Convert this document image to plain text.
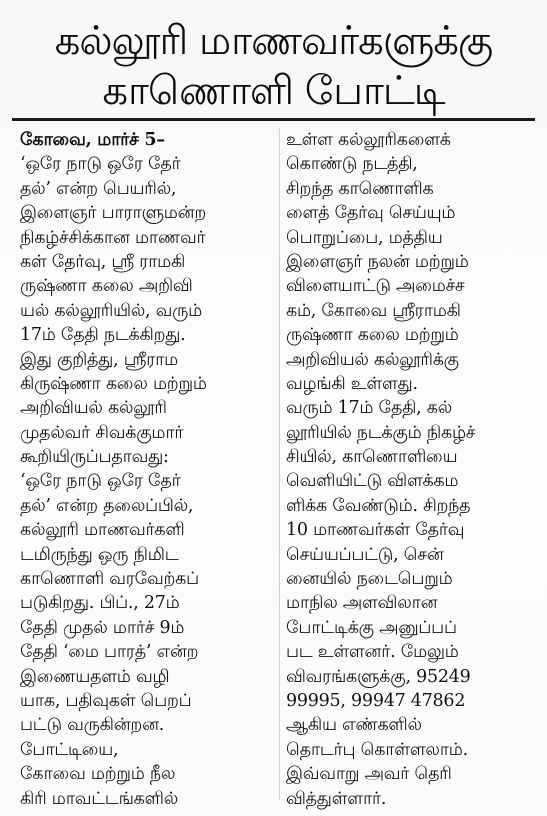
கல்லூரி மாணவர்களுக்கு
காணொளி போட்டி
கோவை, மார்ச் 5–
‘ஒரே நாடு ஒரே தேர்
தல்’ என்ற பெயரில்,
இளைஞர் பாராளுமன்ற
நிகழ்ச்சிக்கான மாணவர்
கள் தேர்வு, ஸ்ரீ ராமகி
ருஷ்ணா கலை அறிவி
யல் கல்லூரியில், வரும்
17ம் தேதி நடக்கிறது.
இது குறித்து, ஸ்ரீராம
கிருஷ்ணா கலை மற்றும்
அறிவியல் கல்லூரி
முதல்வர் சிவக்குமார்
கூறியிருப்பதாவது:
‘ஒரே நாடு ஒரே தேர்
தல்’ என்ற தலைப்பில்,
கல்லூரி மாணவர்களி
டமிருந்து ஒரு நிமிட
காணொளி வரவேற்கப்
படுகிறது. பிப்., 27ம்
தேதி முதல் மார்ச் 9ம்
தேதி ‘மை பாரத்’ என்ற
இணையதளம் வழி
யாக, பதிவுகள் பெறப்
பட்டு வருகின்றன.
போட்டியை,
கோவை மற்றும் நீல
கிரி மாவட்டங்களில்
உள்ள கல்லூரிகளைக்
கொண்டு நடத்தி,
சிறந்த காணொளிக
ளைத் தேர்வு செய்யும்
பொறுப்பை, மத்திய
இளைஞர் நலன் மற்றும்
விளையாட்டு அமைச்ச
கம், கோவை ஸ்ரீராமகி
ருஷ்ணா கலை மற்றும்
அறிவியல் கல்லூரிக்கு
வழங்கி உள்ளது.
வரும் 17ம் தேதி, கல்
லூரியில் நடக்கும் நிகழ்ச்
சியில், காணொளியை
வெளியிட்டு விளக்கம
ளிக்க வேண்டும். சிறந்த
10 மாணவர்கள் தேர்வு
செய்யப்பட்டு, சென்
னையில் நடைபெறும்
மாநில அளவிலான
போட்டிக்கு அனுப்பப்
பட உள்ளனர். மேலும்
விவரங்களுக்கு, 95249
99995, 99947 47862
ஆகிய எண்களில்
தொடர்பு கொள்ளலாம்.
இவ்வாறு அவர் தெரி
வித்துள்ளார்.
